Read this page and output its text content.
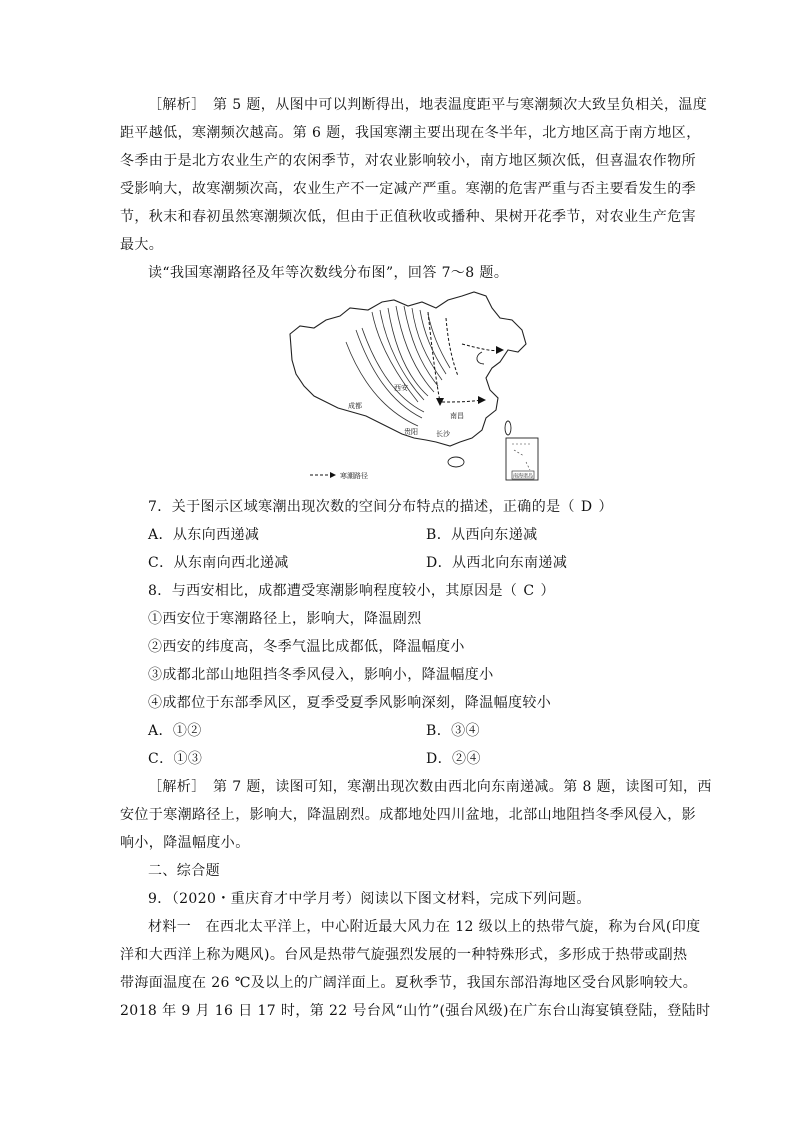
［解析］　第 5 题，从图中可以判断得出，地表温度距平与寒潮频次大致呈负相关，温度
距平越低，寒潮频次越高。第 6 题，我国寒潮主要出现在冬半年，北方地区高于南方地区，
冬季由于是北方农业生产的农闲季节，对农业影响较小，南方地区频次低，但喜温农作物所
受影响大，故寒潮频次高，农业生产不一定减产严重。寒潮的危害严重与否主要看发生的季
节，秋末和春初虽然寒潮频次低，但由于正值秋收或播种、果树开花季节，对农业生产危害
最大。
读“我国寒潮路径及年等次数线分布图”，回答 7～8 题。
西安
成都
南昌
贵阳	长沙
南海诸岛
寒潮路径
7．关于图示区域寒潮出现次数的空间分布特点的描述，正确的是（ D ）
A．从东向西递减	B．从西向东递减
C．从东南向西北递减	D．从西北向东南递减
8．与西安相比，成都遭受寒潮影响程度较小，其原因是（ C ）
①西安位于寒潮路径上，影响大，降温剧烈
②西安的纬度高，冬季气温比成都低，降温幅度小
③成都北部山地阻挡冬季风侵入，影响小，降温幅度小
④成都位于东部季风区，夏季受夏季风影响深刻，降温幅度较小
A．①②	B．③④
C．①③	D．②④
［解析］　第 7 题，读图可知，寒潮出现次数由西北向东南递减。第 8 题，读图可知，西
安位于寒潮路径上，影响大，降温剧烈。成都地处四川盆地，北部山地阻挡冬季风侵入，影
响小，降温幅度小。
二、综合题
9．（2020・重庆育才中学月考）阅读以下图文材料，完成下列问题。
材料一　在西北太平洋上，中心附近最大风力在 12 级以上的热带气旋，称为台风(印度
洋和大西洋上称为飓风)。台风是热带气旋强烈发展的一种特殊形式，多形成于热带或副热
带海面温度在 26 ℃及以上的广阔洋面上。夏秋季节，我国东部沿海地区受台风影响较大。
2018 年 9 月 16 日 17 时，第 22 号台风“山竹”(强台风级)在广东台山海宴镇登陆，登陆时
